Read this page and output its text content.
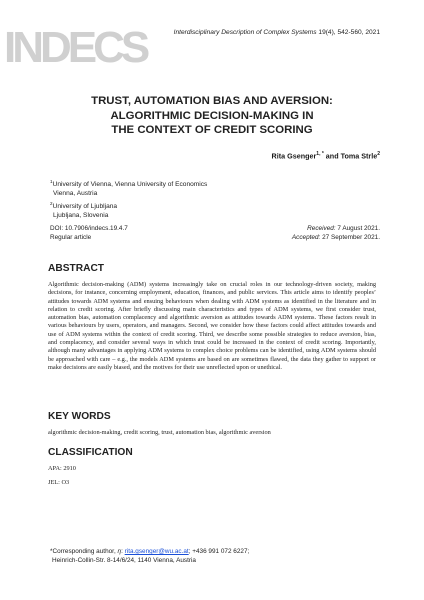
INDECS	Interdisciplinary Description of Complex Systems 19(4), 542-560, 2021
TRUST, AUTOMATION BIAS AND AVERSION:
ALGORITHMIC DECISION-MAKING IN
THE CONTEXT OF CREDIT SCORING
Rita Gsenger$^{1, *}$ and Toma Strle$^2$
$^1$University of Vienna, Vienna University of Economics
Vienna, Austria
$^2$University of Ljubljana
Ljubljana, Slovenia
DOI: 10.7906/indecs.19.4.7
Regular article
Received: 7 August 2021.
Accepted: 27 September 2021.
ABSTRACT

Algorithmic decision-making (ADM) systems increasingly take on crucial roles in our technology-driven society, making decisions, for instance, concerning employment, education, finances, and public services. This article aims to identify peoples’ attitudes towards ADM systems and ensuing behaviours when dealing with ADM systems as identified in the literature and in relation to credit scoring. After briefly discussing main characteristics and types of ADM systems, we first consider trust, automation bias, automation complacency and algorithmic aversion as attitudes towards ADM systems. These factors result in various behaviours by users, operators, and managers. Second, we consider how these factors could affect attitudes towards and use of ADM systems within the context of credit scoring. Third, we describe some possible strategies to reduce aversion, bias, and complacency, and consider several ways in which trust could be increased in the context of credit scoring. Importantly, although many advantages in applying ADM systems to complex choice problems can be identified, using ADM systems should be approached with care – e.g., the models ADM systems are based on are sometimes flawed, the data they gather to support or make decisions are easily biased, and the motives for their use unreflected upon or unethical.

KEY WORDS
algorithmic decision-making, credit scoring, trust, automation bias, algorithmic aversion
CLASSIFICATION
APA: 2910
JEL: O3
*Corresponding author, η: rita.gsenger@wu.ac.at; +436 991 072 6227;
Heinrich-Collin-Str. 8-14/6/24, 1140 Vienna, Austria
